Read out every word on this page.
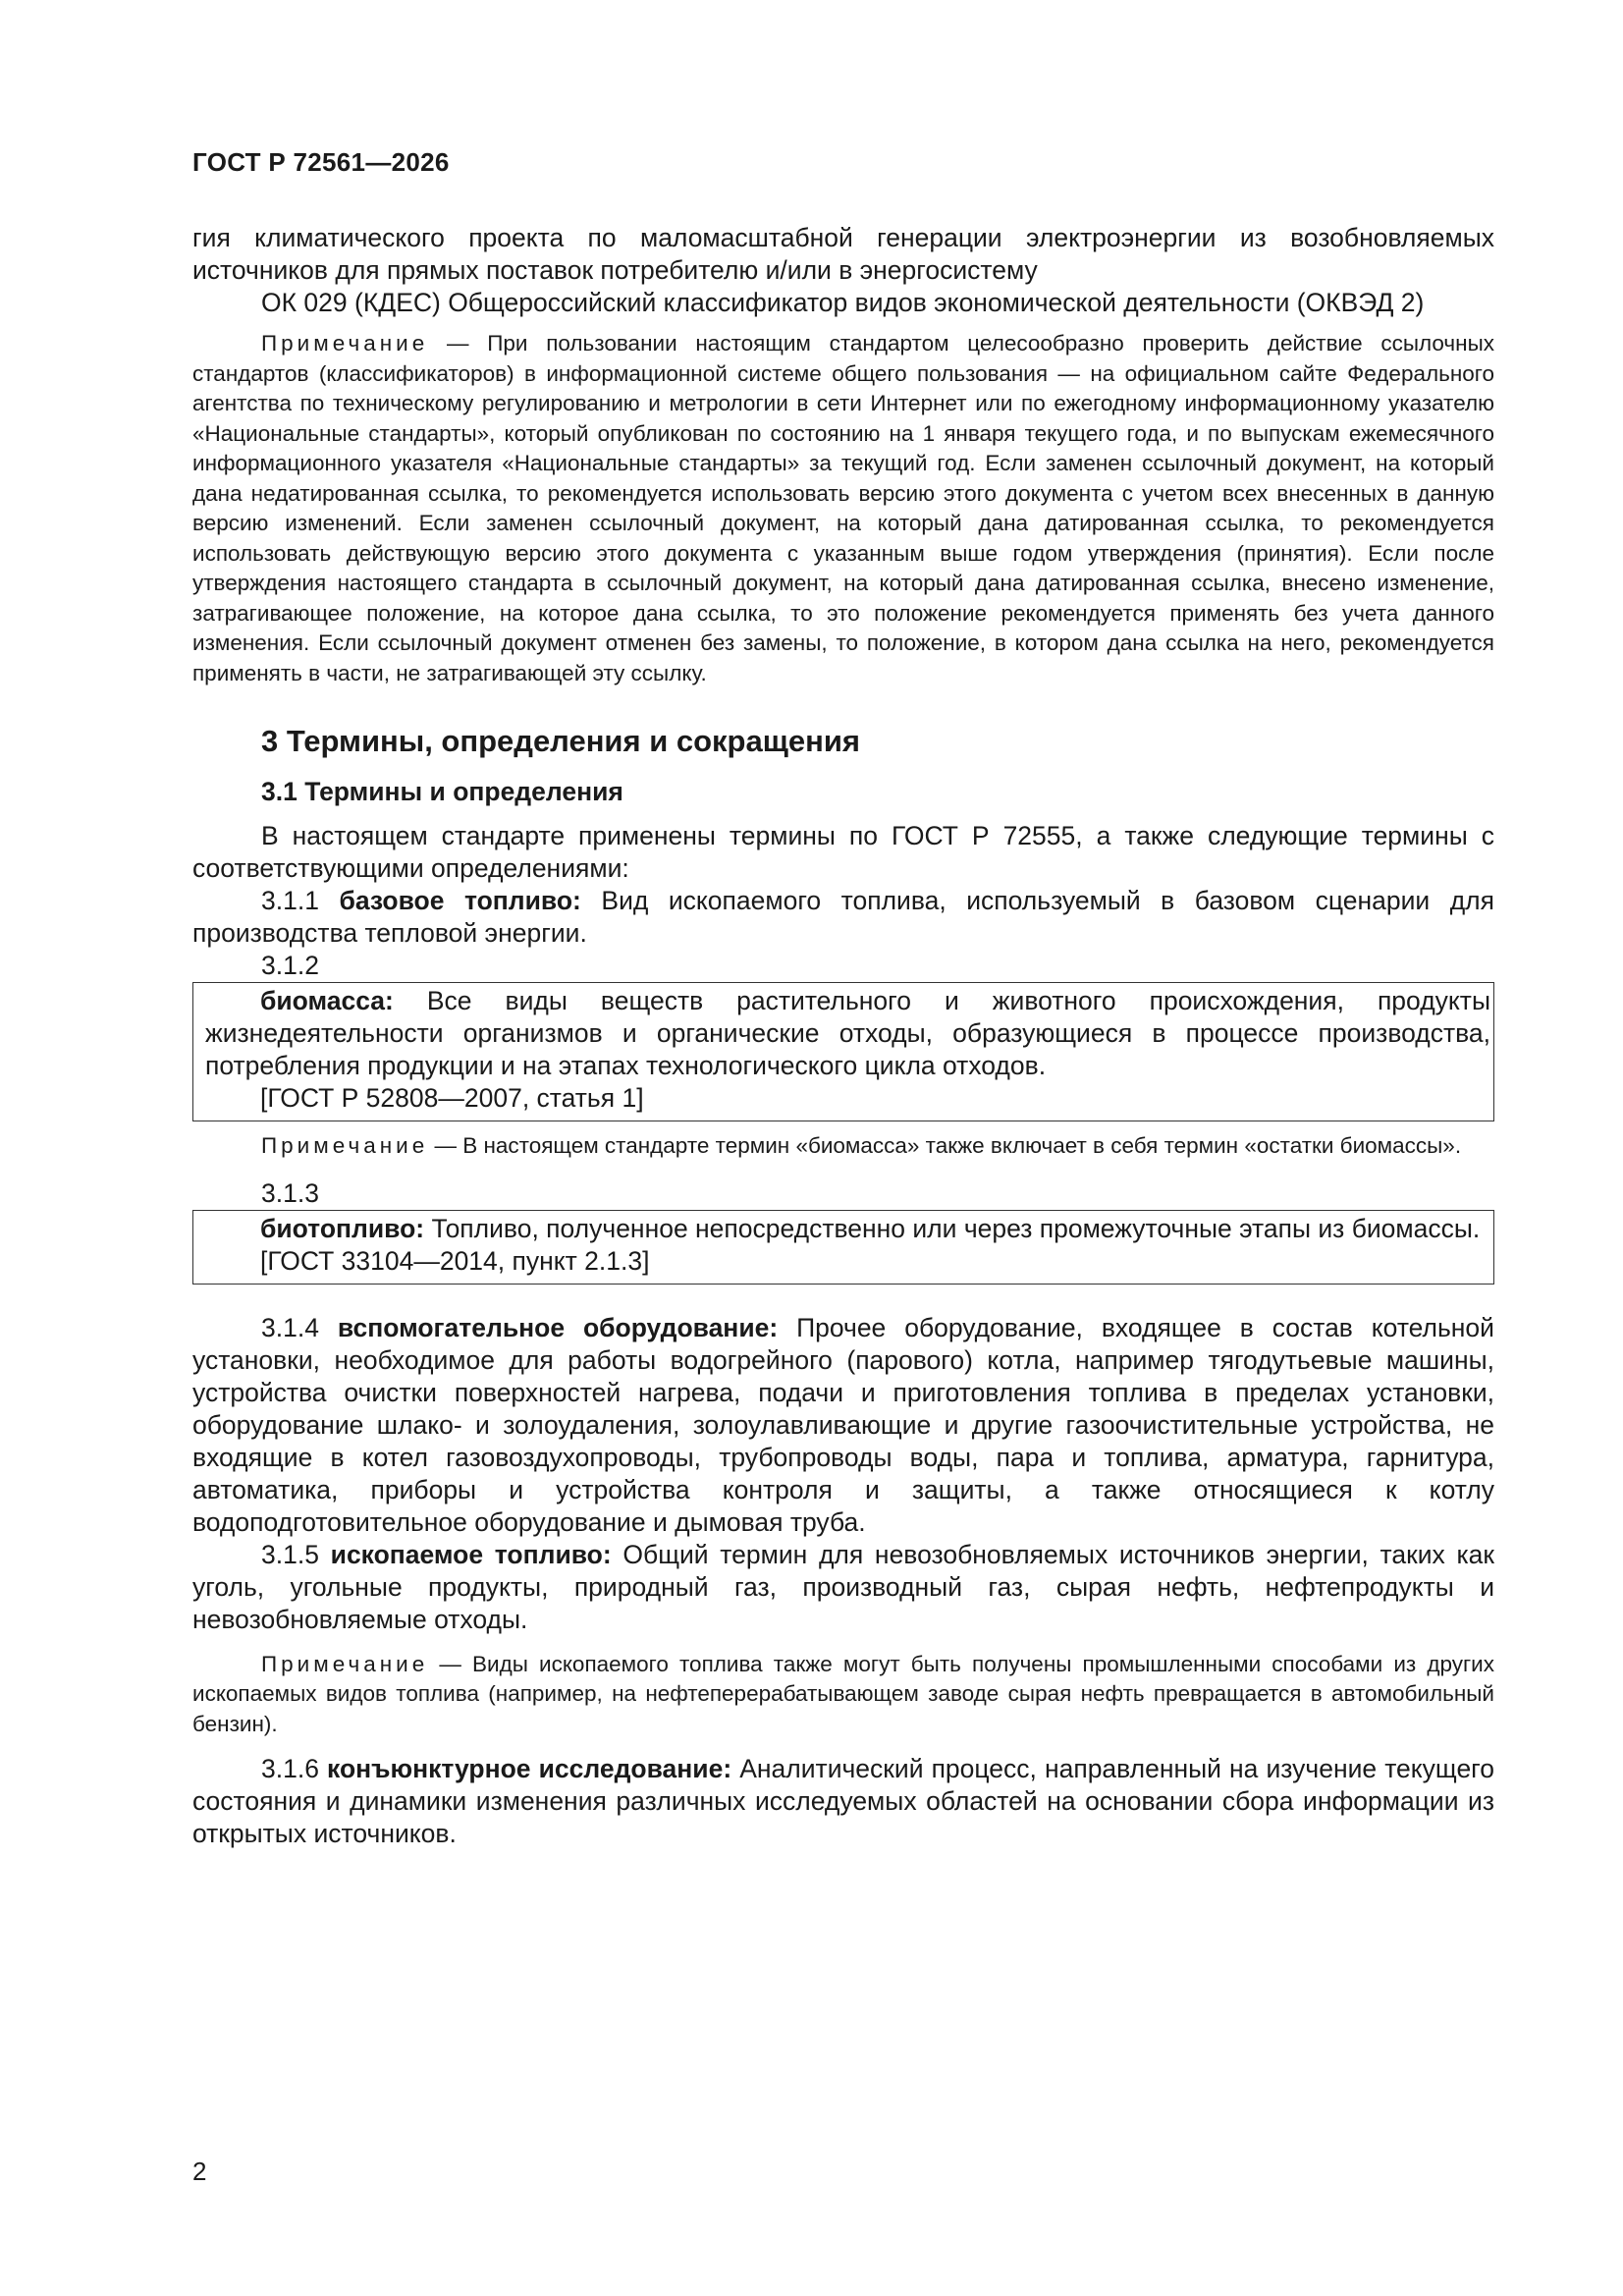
ГОСТ Р 72561—2026

гия климатического проекта по маломасштабной генерации электроэнергии из возобновляемых источников для прямых поставок потребителю и/или в энергосистему

ОК 029 (КДЕС) Общероссийский классификатор видов экономической деятельности (ОКВЭД 2)

Примечание — При пользовании настоящим стандартом целесообразно проверить действие ссылочных стандартов (классификаторов) в информационной системе общего пользования — на официальном сайте Федерального агентства по техническому регулированию и метрологии в сети Интернет или по ежегодному информационному указателю «Национальные стандарты», который опубликован по состоянию на 1 января текущего года, и по выпускам ежемесячного информационного указателя «Национальные стандарты» за текущий год. Если заменен ссылочный документ, на который дана недатированная ссылка, то рекомендуется использовать версию этого документа с учетом всех внесенных в данную версию изменений. Если заменен ссылочный документ, на который дана датированная ссылка, то рекомендуется использовать действующую версию этого документа с указанным выше годом утверждения (принятия). Если после утверждения настоящего стандарта в ссылочный документ, на который дана датированная ссылка, внесено изменение, затрагивающее положение, на которое дана ссылка, то это положение рекомендуется применять без учета данного изменения. Если ссылочный документ отменен без замены, то положение, в котором дана ссылка на него, рекомендуется применять в части, не затрагивающей эту ссылку.

3 Термины, определения и сокращения
3.1 Термины и определения

В настоящем стандарте применены термины по ГОСТ Р 72555, а также следующие термины с соответствующими определениями:

3.1.1 базовое топливо: Вид ископаемого топлива, используемый в базовом сценарии для производства тепловой энергии.

3.1.2

биомасса: Все виды веществ растительного и животного происхождения, продукты жизнедеятельности организмов и органические отходы, образующиеся в процессе производства, потребления продукции и на этапах технологического цикла отходов.

[ГОСТ Р 52808—2007, статья 1]

Примечание — В настоящем стандарте термин «биомасса» также включает в себя термин «остатки биомассы».

3.1.3

биотопливо: Топливо, полученное непосредственно или через промежуточные этапы из биомассы.

[ГОСТ 33104—2014, пункт 2.1.3]

3.1.4 вспомогательное оборудование: Прочее оборудование, входящее в состав котельной установки, необходимое для работы водогрейного (парового) котла, например тягодутьевые машины, устройства очистки поверхностей нагрева, подачи и приготовления топлива в пределах установки, оборудование шлако- и золоудаления, золоулавливающие и другие газоочистительные устройства, не входящие в котел газовоздухопроводы, трубопроводы воды, пара и топлива, арматура, гарнитура, автоматика, приборы и устройства контроля и защиты, а также относящиеся к котлу водоподготовительное оборудование и дымовая труба.

3.1.5 ископаемое топливо: Общий термин для невозобновляемых источников энергии, таких как уголь, угольные продукты, природный газ, производный газ, сырая нефть, нефтепродукты и невозобновляемые отходы.

Примечание — Виды ископаемого топлива также могут быть получены промышленными способами из других ископаемых видов топлива (например, на нефтеперерабатывающем заводе сырая нефть превращается в автомобильный бензин).

3.1.6 конъюнктурное исследование: Аналитический процесс, направленный на изучение текущего состояния и динамики изменения различных исследуемых областей на основании сбора информации из открытых источников.

2
